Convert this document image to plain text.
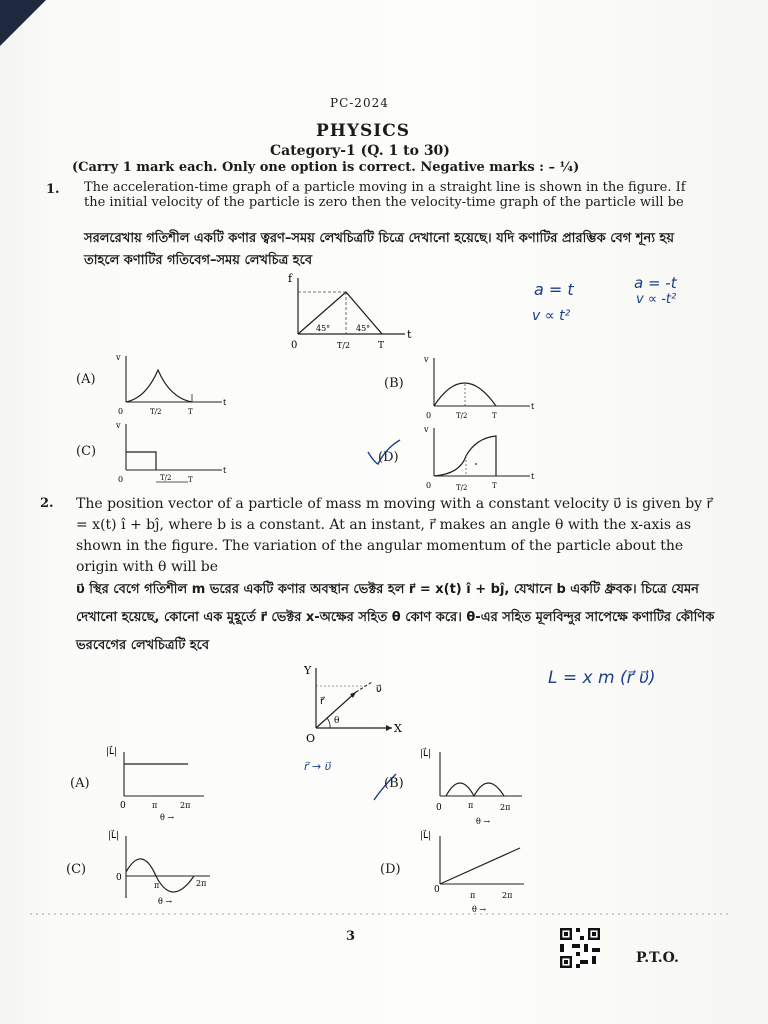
PC-2024
PHYSICS
Category-1 (Q. 1 to 30)
(Carry 1 mark each. Only one option is correct. Negative marks : – ¼)
1. The acceleration-time graph of a particle moving in a straight line is shown in the figure. If the initial velocity of the particle is zero then the velocity-time graph of the particle will be
সরলরেখায় গতিশীল একটি কণার ত্বরণ–সময় লেখচিত্রটি চিত্রে দেখানো হয়েছে। যদি কণাটির প্রারম্ভিক বেগ শূন্য হয় তাহলে কণাটির গতিবেগ–সময় লেখচিত্র হবে
f
t
0	T/2	T
45°	45°
(A)
v
t
0	T/2	T
(B)
v
t
0	T/2	T
(C)
v
t
0	T/2 T
(D)
v
t
0	T/2	T
a = t	a = -t
v ∝ t²
v ∝ -t²
2. The position vector of a particle of mass m moving with a constant velocity υ⃗ is given by r⃗ = x(t) î + bĵ, where b is a constant. At an instant, r⃗ makes an angle θ with the x-axis as shown in the figure. The variation of the angular momentum of the particle about the origin with θ will be
υ⃗ স্থির বেগে গতিশীল m ভরের একটি কণার অবস্থান ভেক্টর হল r⃗ = x(t) î + bĵ, যেখানে b একটি ধ্রুবক। চিত্রে যেমন দেখানো হয়েছে, কোনো এক মুহূর্তে r⃗ ভেক্টর x-অক্ষের সহিত θ কোণ করে। θ-এর সহিত মূলবিন্দুর সাপেক্ষে কণাটির কৌণিক ভরবেগের লেখচিত্রটি হবে
Y
X
O
r⃗
υ⃗
θ
L = x m (r⃗ υ⃗)
r⃗ → υ⃗
(A)
|L⃗|
0	π	2π
θ →
(B)
|L⃗|
0	π	2π
θ →
(C)
|L⃗|
0
π	2π
θ →
(D)
|L⃗|
0
π	2π
θ →
3
P.T.O.
